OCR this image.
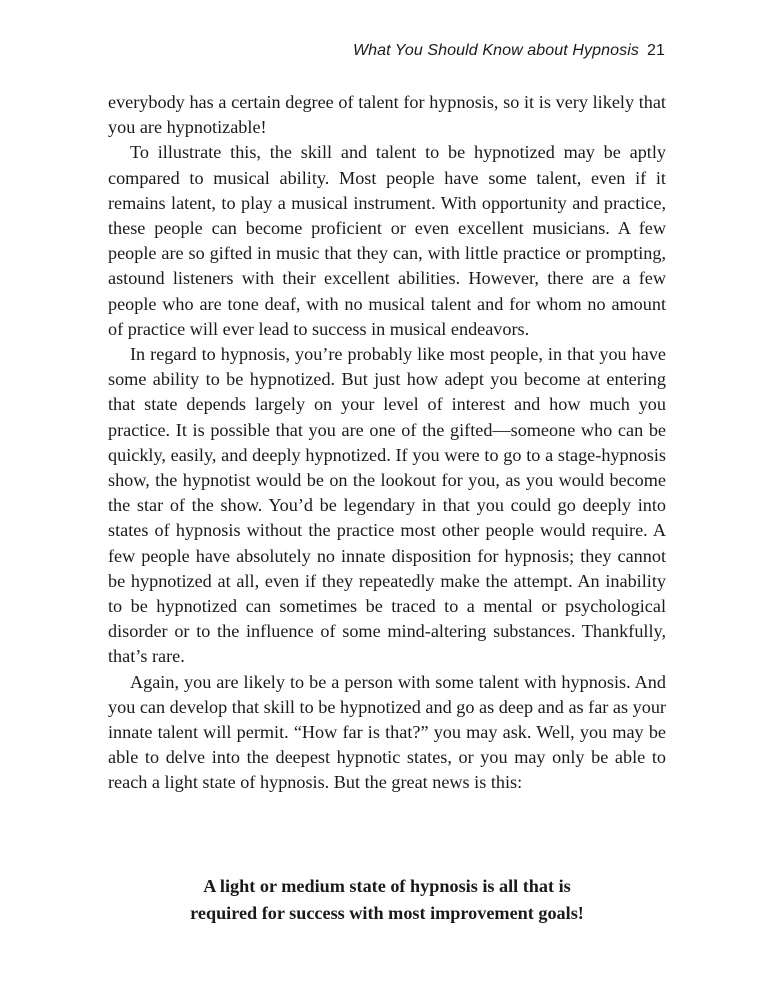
What You Should Know about Hypnosis 21

everybody has a certain degree of talent for hypnosis, so it is very likely that you are hypnotizable!

To illustrate this, the skill and talent to be hypnotized may be aptly compared to musical ability. Most people have some talent, even if it remains latent, to play a musical instrument. With opportunity and practice, these people can become proficient or even excellent musicians. A few people are so gifted in music that they can, with little practice or prompting, astound listeners with their excellent abilities. However, there are a few people who are tone deaf, with no musical talent and for whom no amount of practice will ever lead to success in musical endeavors.

In regard to hypnosis, you’re probably like most people, in that you have some ability to be hypnotized. But just how adept you become at entering that state depends largely on your level of interest and how much you practice. It is possible that you are one of the gifted—someone who can be quickly, easily, and deeply hypnotized. If you were to go to a stage-hypnosis show, the hypnotist would be on the lookout for you, as you would become the star of the show. You’d be legendary in that you could go deeply into states of hypnosis without the practice most other people would require. A few people have absolutely no innate disposition for hypnosis; they cannot be hypnotized at all, even if they repeatedly make the attempt. An inability to be hypnotized can sometimes be traced to a mental or psychological disorder or to the influence of some mind-altering substances. Thankfully, that’s rare.

Again, you are likely to be a person with some talent with hypnosis. And you can develop that skill to be hypnotized and go as deep and as far as your innate talent will permit. “How far is that?” you may ask. Well, you may be able to delve into the deepest hypnotic states, or you may only be able to reach a light state of hypnosis. But the great news is this:

A light or medium state of hypnosis is all that is
required for success with most improvement goals!
